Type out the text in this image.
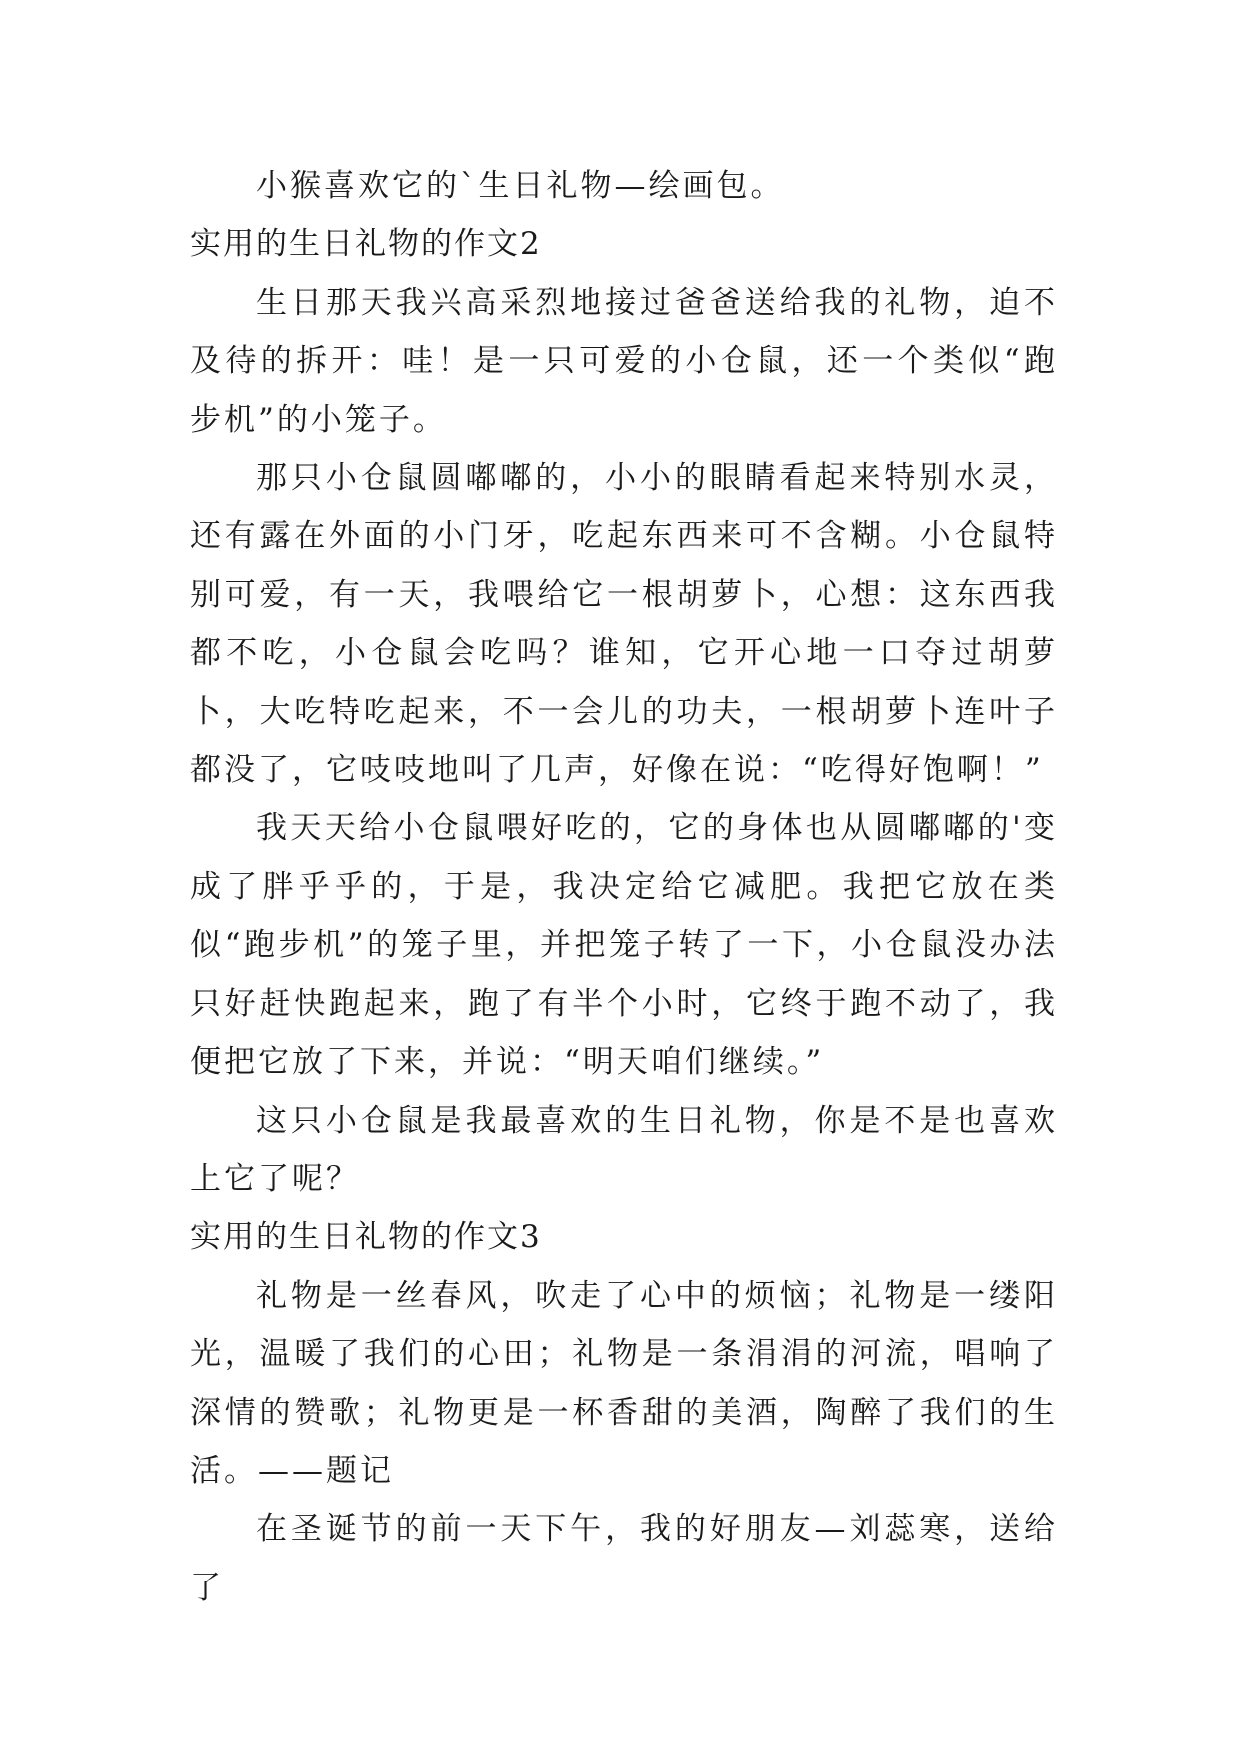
小猴喜欢它的`生日礼物—绘画包。

实用的生日礼物的作文2

生日那天我兴高采烈地接过爸爸送给我的礼物，迫不及待的拆开：哇！是一只可爱的小仓鼠，还一个类似“跑步机”的小笼子。

那只小仓鼠圆嘟嘟的，小小的眼睛看起来特别水灵，还有露在外面的小门牙，吃起东西来可不含糊。小仓鼠特别可爱，有一天，我喂给它一根胡萝卜，心想：这东西我都不吃，小仓鼠会吃吗？谁知，它开心地一口夺过胡萝卜，大吃特吃起来，不一会儿的功夫，一根胡萝卜连叶子都没了，它吱吱地叫了几声，好像在说：“吃得好饱啊！”

我天天给小仓鼠喂好吃的，它的身体也从圆嘟嘟的'变成了胖乎乎的，于是，我决定给它减肥。我把它放在类似“跑步机”的笼子里，并把笼子转了一下，小仓鼠没办法只好赶快跑起来，跑了有半个小时，它终于跑不动了，我便把它放了下来，并说：“明天咱们继续。”

这只小仓鼠是我最喜欢的生日礼物，你是不是也喜欢上它了呢？

实用的生日礼物的作文3

礼物是一丝春风，吹走了心中的烦恼；礼物是一缕阳光，温暖了我们的心田；礼物是一条涓涓的河流，唱响了深情的赞歌；礼物更是一杯香甜的美酒，陶醉了我们的生活。——题记

在圣诞节的前一天下午，我的好朋友—刘蕊寒，送给了
